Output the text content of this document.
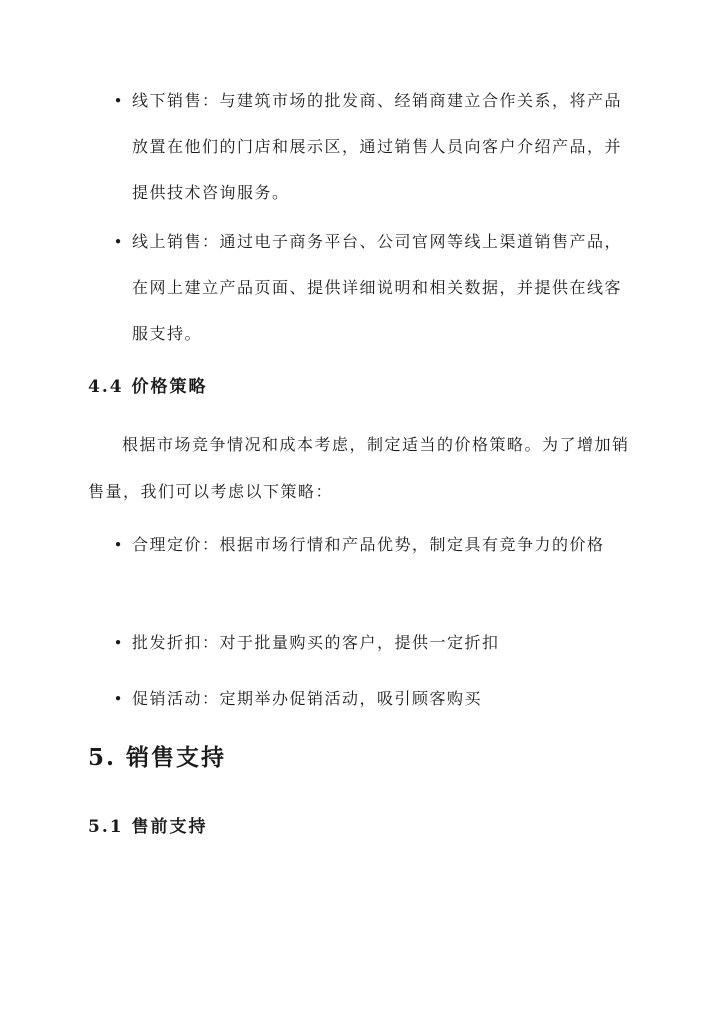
• 线下销售：与建筑市场的批发商、经销商建立合作关系，将产品放置在他们的门店和展示区，通过销售人员向客户介绍产品，并提供技术咨询服务。
• 线上销售：通过电子商务平台、公司官网等线上渠道销售产品，在网上建立产品页面、提供详细说明和相关数据，并提供在线客服支持。
4.4 价格策略
根据市场竞争情况和成本考虑，制定适当的价格策略。为了增加销售量，我们可以考虑以下策略：
• 合理定价：根据市场行情和产品优势，制定具有竞争力的价格
• 批发折扣：对于批量购买的客户，提供一定折扣
• 促销活动：定期举办促销活动，吸引顾客购买
5. 销售支持
5.1 售前支持
